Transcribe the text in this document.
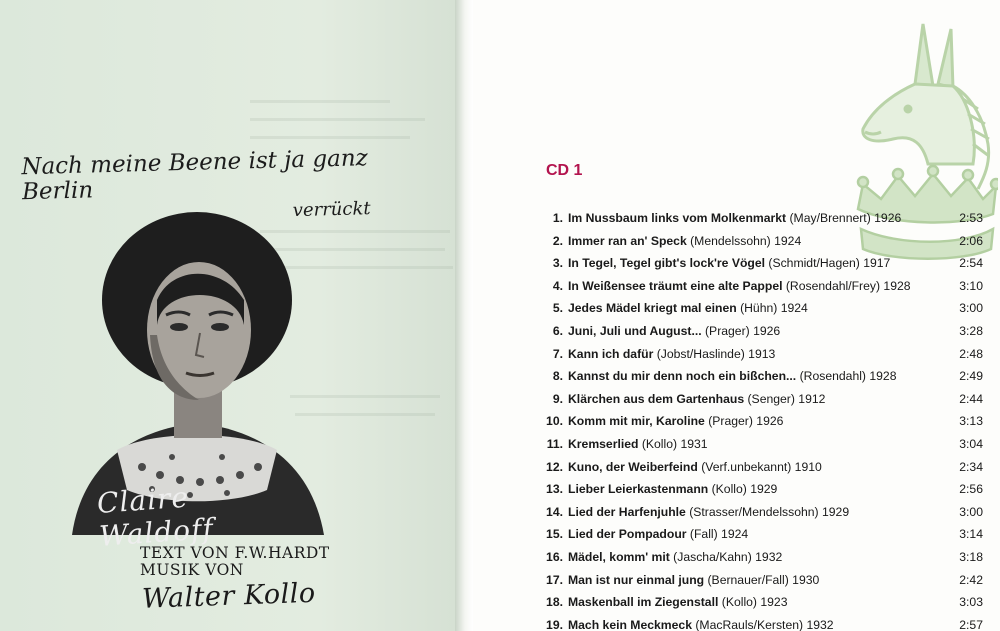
Nach meine Beene ist ja ganz Berlin
verrückt
Claire Waldoff
TEXT VON F.W.HARDT
MUSIK VON
Walter Kollo
CD 1
1. Im Nussbaum links vom Molkenmarkt (May/Brennert) 1926	2:53
2. Immer ran an' Speck (Mendelssohn) 1924	2:06
3. In Tegel, Tegel gibt's lock're Vögel (Schmidt/Hagen) 1917	2:54
4. In Weißensee träumt eine alte Pappel (Rosendahl/Frey) 1928	3:10
5. Jedes Mädel kriegt mal einen (Hühn) 1924	3:00
6. Juni, Juli und August... (Prager) 1926	3:28
7. Kann ich dafür (Jobst/Haslinde) 1913	2:48
8. Kannst du mir denn noch ein bißchen... (Rosendahl) 1928	2:49
9. Klärchen aus dem Gartenhaus (Senger) 1912	2:44
10. Komm mit mir, Karoline (Prager) 1926	3:13
11. Kremserlied (Kollo) 1931	3:04
12. Kuno, der Weiberfeind (Verf.unbekannt) 1910	2:34
13. Lieber Leierkastenmann (Kollo) 1929	2:56
14. Lied der Harfenjuhle (Strasser/Mendelssohn) 1929	3:00
15. Lied der Pompadour (Fall) 1924	3:14
16. Mädel, komm' mit (Jascha/Kahn) 1932	3:18
17. Man ist nur einmal jung (Bernauer/Fall) 1930	2:42
18. Maskenball im Ziegenstall (Kollo) 1923	3:03
19. Mach kein Meckmeck (MacRauls/Kersten) 1932	2:57
